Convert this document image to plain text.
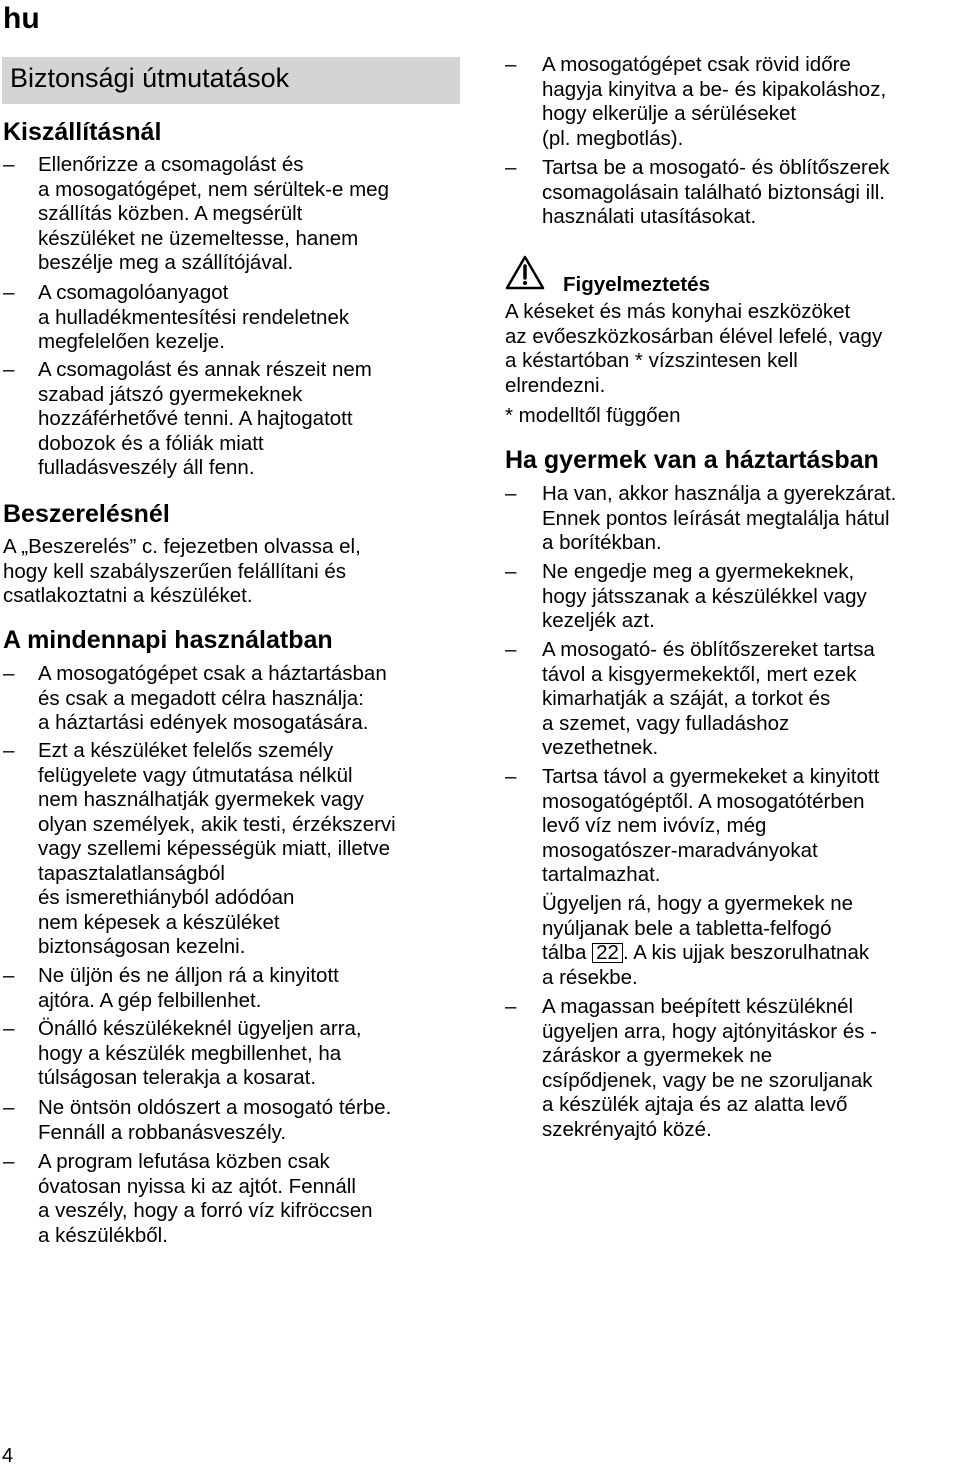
hu
Biztonsági útmutatások
Kiszállításnál

– Ellenőrizze a csomagolást és
a mosogatógépet, nem sérültek-e meg
szállítás közben. A megsérült
készüléket ne üzemeltesse, hanem
beszélje meg a szállítójával.

– A csomagolóanyagot
a hulladékmentesítési rendeletnek
megfelelően kezelje.

– A csomagolást és annak részeit nem
szabad játszó gyermekeknek
hozzáférhetővé tenni. A hajtogatott
dobozok és a fóliák miatt
fulladásveszély áll fenn.

Beszerelésnél
A „Beszerelés” c. fejezetben olvassa el,
hogy kell szabályszerűen felállítani és
csatlakoztatni a készüléket.
A mindennapi használatban

– A mosogatógépet csak a háztartásban
és csak a megadott célra használja:
a háztartási edények mosogatására.

– Ezt a készüléket felelős személy
felügyelete vagy útmutatása nélkül
nem használhatják gyermekek vagy
olyan személyek, akik testi, érzékszervi
vagy szellemi képességük miatt, illetve
tapasztalatlanságból
és ismerethiányból adódóan
nem képesek a készüléket
biztonságosan kezelni.

– Ne üljön és ne álljon rá a kinyitott
ajtóra. A gép felbillenhet.

– Önálló készülékeknél ügyeljen arra,
hogy a készülék megbillenhet, ha
túlságosan telerakja a kosarat.

– Ne öntsön oldószert a mosogató térbe.
Fennáll a robbanásveszély.

– A program lefutása közben csak
óvatosan nyissa ki az ajtót. Fennáll
a veszély, hogy a forró víz kifröccsen
a készülékből.

– A mosogatógépet csak rövid időre
hagyja kinyitva a be- és kipakoláshoz,
hogy elkerülje a sérüléseket
(pl. megbotlás).

– Tartsa be a mosogató- és öblítőszerek
csomagolásain található biztonsági ill.
használati utasításokat.

Figyelmeztetés
A késeket és más konyhai eszközöket
az evőeszközkosárban élével lefelé, vagy
a késtartóban * vízszintesen kell
elrendezni.
* modelltől függően
Ha gyermek van a háztartásban

– Ha van, akkor használja a gyerekzárat.
Ennek pontos leírását megtalálja hátul
a borítékban.

– Ne engedje meg a gyermekeknek,
hogy játsszanak a készülékkel vagy
kezeljék azt.

– A mosogató- és öblítőszereket tartsa
távol a kisgyermekektől, mert ezek
kimarhatják a száját, a torkot és
a szemet, vagy fulladáshoz
vezethetnek.

– Tartsa távol a gyermekeket a kinyitott
mosogatógéptől. A mosogatótérben
levő víz nem ivóvíz, még
mosogatószer-maradványokat
tartalmazhat.

Ügyeljen rá, hogy a gyermekek ne
nyúljanak bele a tabletta-felfogó
tálba 22 . A kis ujjak beszorulhatnak
a résekbe.

– A magassan beépített készüléknél
ügyeljen arra, hogy ajtónyitáskor és -
záráskor a gyermekek ne
csípődjenek, vagy be ne szoruljanak
a készülék ajtaja és az alatta levő
szekrényajtó közé.

4
